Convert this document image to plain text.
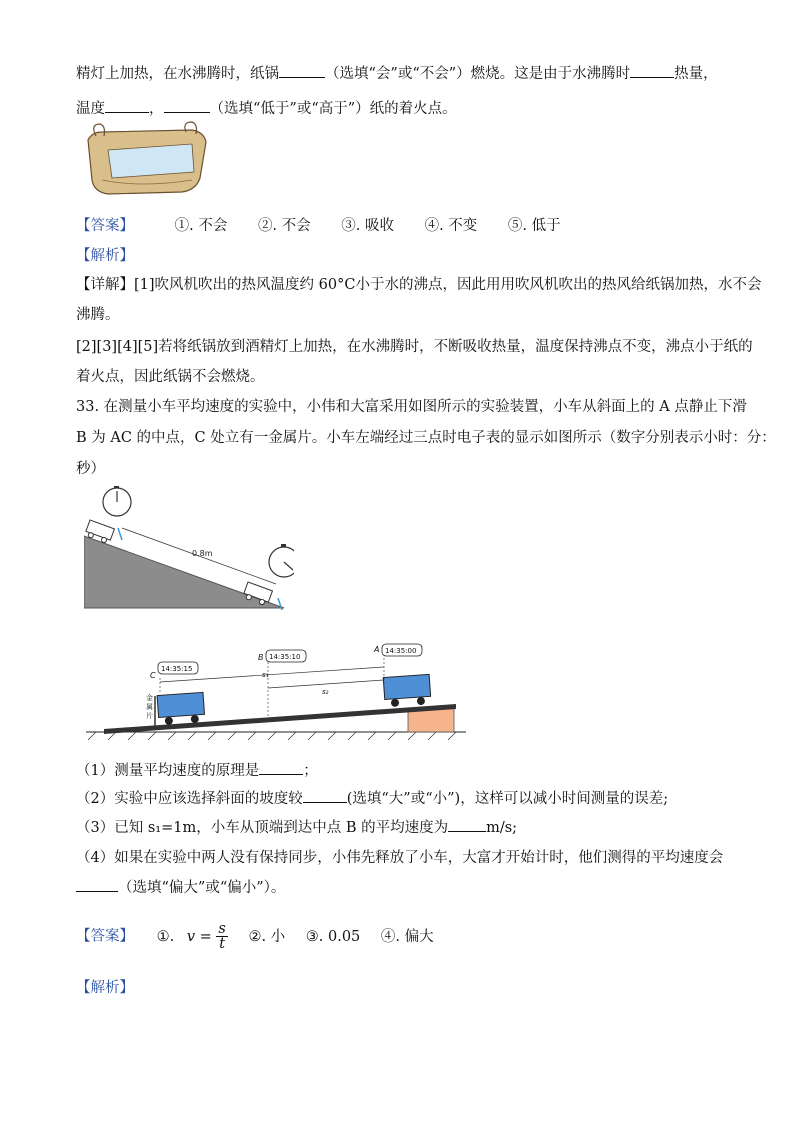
精灯上加热，在水沸腾时，纸锅	（选填“会”或“不会”）燃烧。这是由于水沸腾时	热量，
温度	，	（选填“低于”或“高于”）纸的着火点。
【答案】	①. 不会 ②. 不会 ③. 吸收 ④. 不变 ⑤. 低于
【解析】
【详解】[1]吹风机吹出的热风温度约 60°C小于水的沸点，因此用用吹风机吹出的热风给纸锅加热，水不会
沸腾。
[2][3][4][5]若将纸锅放到酒精灯上加热，在水沸腾时，不断吸收热量，温度保持沸点不变，沸点小于纸的
着火点，因此纸锅不会燃烧。
33. 在测量小车平均速度的实验中，小伟和大富采用如图所示的实验装置，小车从斜面上的 A 点静止下滑
B 为 AC 的中点，C 处立有一金属片。小车左端经过三点时电子表的显示如图所示（数字分别表示小时：分：
秒）
0.8m
金
属
片
14:35:15
C
14:35:10
B
14:35:00
A
s₁
s₂
（1）测量平均速度的原理是	；
（2）实验中应该选择斜面的坡度较	(选填“大”或“小”)，这样可以减小时间测量的误差;
（3）已知 s₁=1m，小车从顶端到达中点 B 的平均速度为	m/s;
（4）如果在实验中两人没有保持同步，小伟先释放了小车，大富才开始计时，他们测得的平均速度会
（选填“偏大”或“偏小”）。
【答案】 ①. $v = \frac{s}{t}$ ②. 小 ③. 0.05 ④. 偏大
【解析】
